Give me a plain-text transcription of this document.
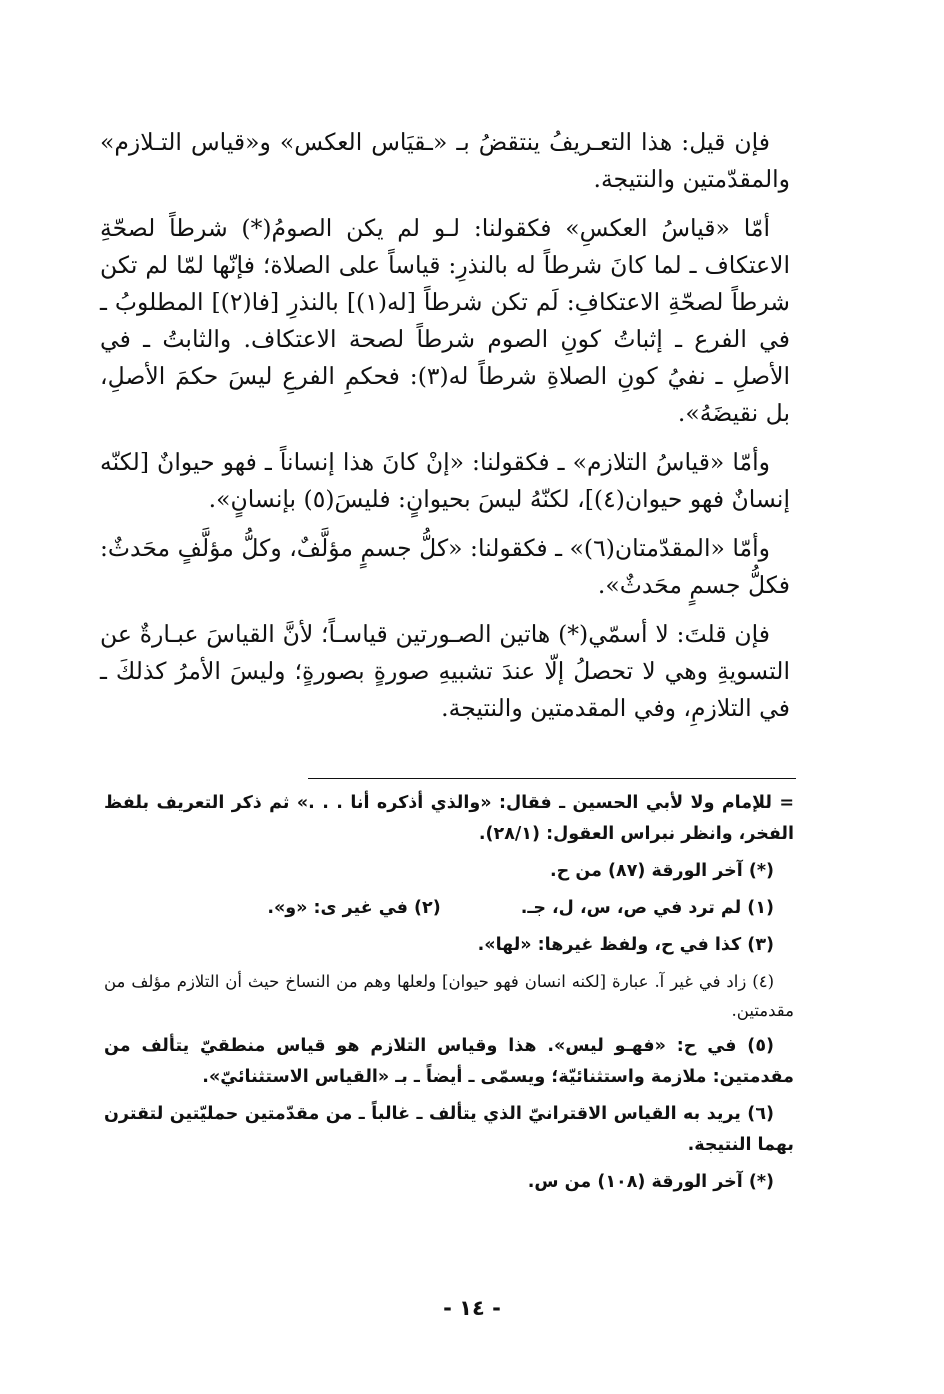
فإن قيل: هذا التعـريفُ ينتقضُ بـ «ـقيَاس العكس» و«قياس التـلازم» والمقدّمتين والنتيجة.

أمّا «قياسُ العكسِ» فكقولنا: لـو لم يكن الصومُ(*) شرطاً لصحّةِ الاعتكاف ـ لما كانَ شرطاً له بالنذرِ: قياساً على الصلاة؛ فإنّها لمّا لم تكن شرطاً لصحّةِ الاعتكافِ: لَم تكن شرطاً [له(١)] بالنذرِ [فا(٢)] المطلوبُ ـ في الفرع ـ إثباتُ كونِ الصوم شرطاً لصحة الاعتكاف. والثابتُ ـ في الأصلِ ـ نفيُ كونِ الصلاةِ شرطاً له(٣): فحكمِ الفرعِ ليسَ حكمَ الأصلِ، بل نقيضَهُ».

وأمّا «قياسُ التلازم» ـ فكقولنا: «إنْ كانَ هذا إنساناً ـ فهو حيوانٌ [لكنّه إنسانٌ فهو حيوان(٤)]، لكنّهُ ليسَ بحيوانٍ: فليسَ(٥) بإنسانٍ».

وأمّا «المقدّمتان(٦)» ـ فكقولنا: «كلُّ جسمٍ مؤلَّفٌ، وكلُّ مؤلَّفٍ محَدثٌ: فكلُّ جسمٍ محَدثٌ».

فإن قلتَ: لا أسمّي(*) هاتين الصـورتين قياسـاً؛ لأنَّ القياسَ عبـارةٌ عن التسويةِ وهي لا تحصلُ إلّا عندَ تشبيهِ صورةٍ بصورةٍ؛ وليسَ الأمرُ كذلكَ ـ في التلازمِ، وفي المقدمتين والنتيجة.

= للإمام ولا لأبي الحسين ـ فقال: «والذي أذكره أنا . . .» ثم ذكر التعريف بلفظ الفخر، وانظر نبراس العقول: (٢٨/١).

(*) آخر الورقة (٨٧) من ح.

(١) لم ترد في ص، س، ل، جـ.
(٢) في غير ى: «و».

(٣) كذا في ح، ولفظ غيرها: «لها».

(٤) زاد في غير آ. عبارة [لكنه انسان فهو حيوان] ولعلها وهم من النساخ حيث أن التلازم مؤلف من مقدمتين.

(٥) في ح: «فهـو ليس». هذا وقياس التلازم هو قياس منطقيّ يتألف من مقدمتين: ملازمة واستثنائيّة؛ ويسمّى ـ أيضاً ـ بـ «القياس الاستثنائيّ».

(٦) يريد به القياس الاقترانيّ الذي يتألف ـ غالباً ـ من مقدّمتين حمليّتين لتقترن بهما النتيجة.

(*) آخر الورقة (١٠٨) من س.

- ١٤ -
